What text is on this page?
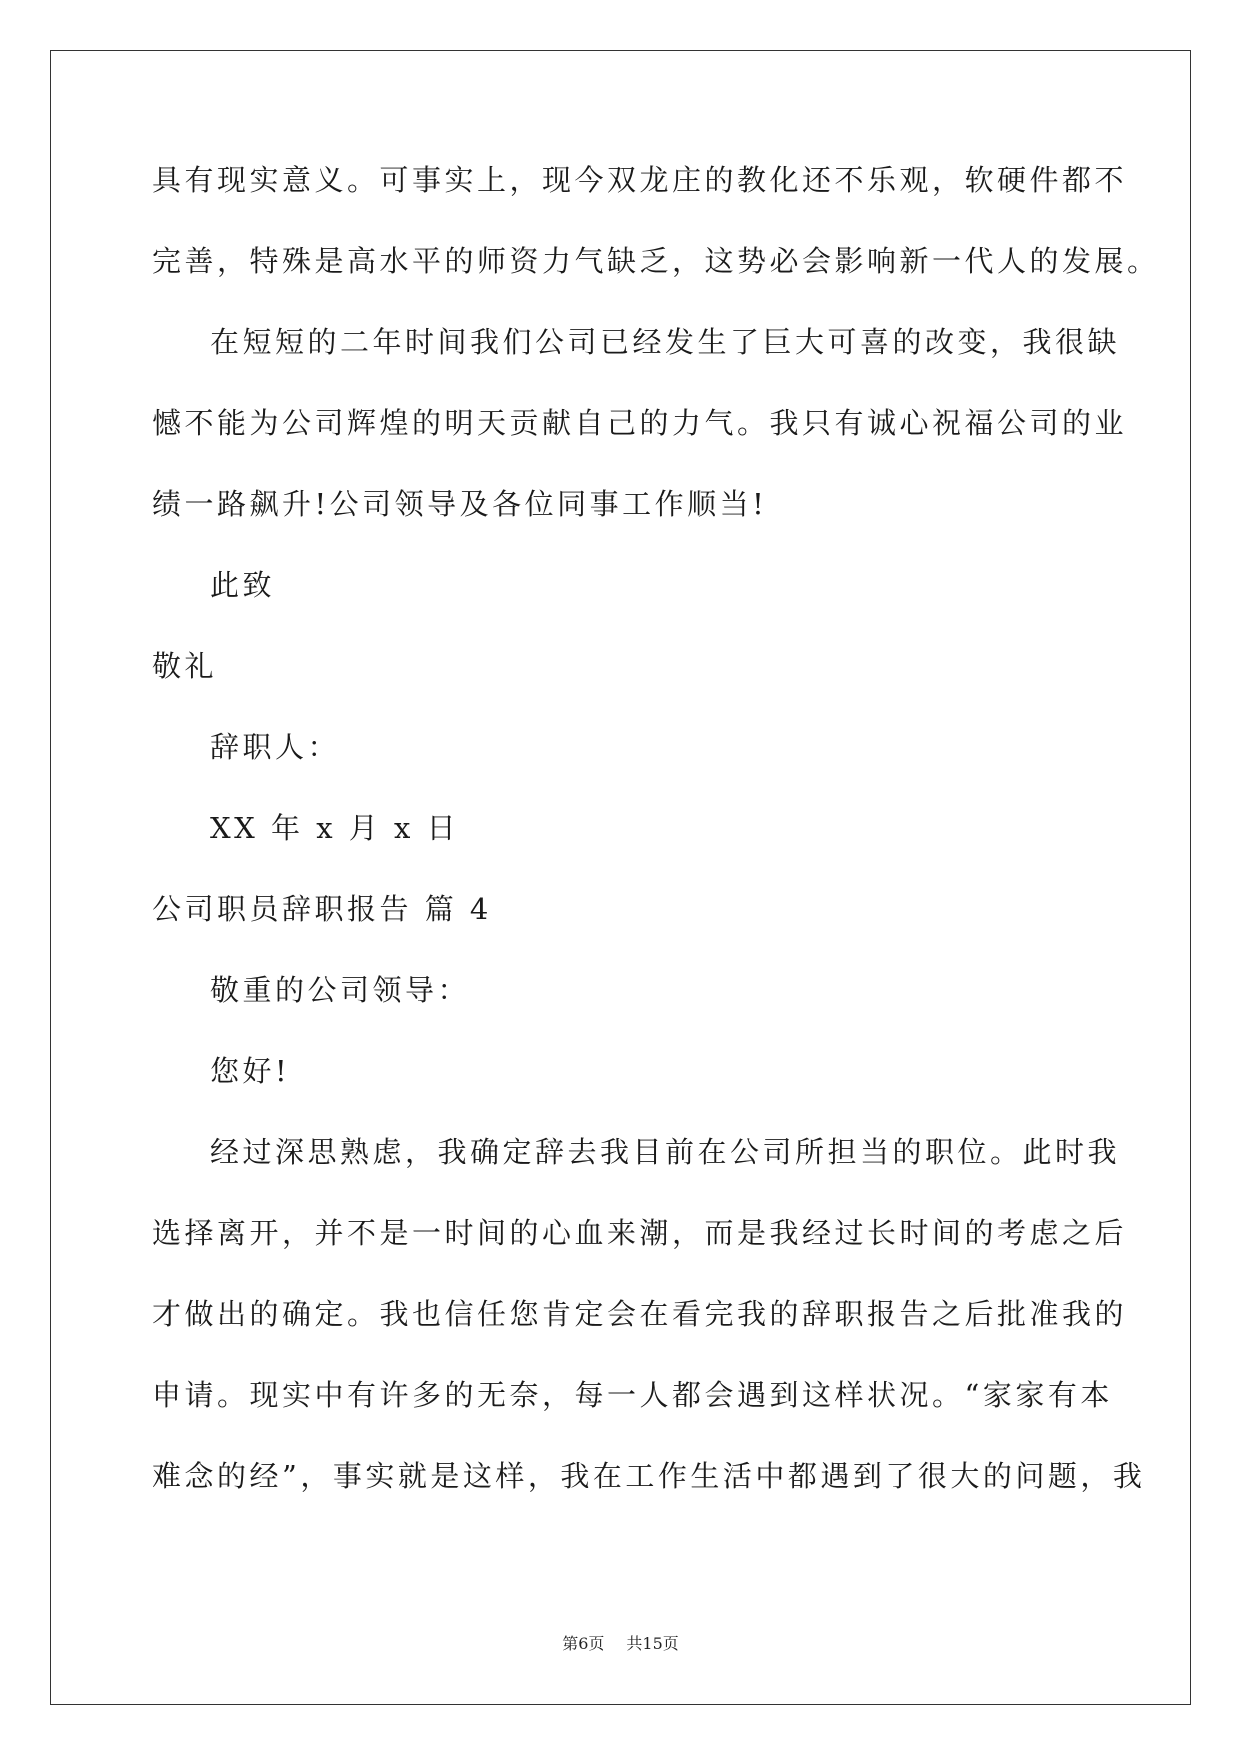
具有现实意义。可事实上，现今双龙庄的教化还不乐观，软硬件都不
完善，特殊是高水平的师资力气缺乏，这势必会影响新一代人的发展。
在短短的二年时间我们公司已经发生了巨大可喜的改变，我很缺
憾不能为公司辉煌的明天贡献自己的力气。我只有诚心祝福公司的业
绩一路飙升!公司领导及各位同事工作顺当!
此致
敬礼
辞职人：
XX 年 x 月 x 日
公司职员辞职报告 篇 4
敬重的公司领导：
您好!
经过深思熟虑，我确定辞去我目前在公司所担当的职位。此时我
选择离开，并不是一时间的心血来潮，而是我经过长时间的考虑之后
才做出的确定。我也信任您肯定会在看完我的辞职报告之后批准我的
申请。现实中有许多的无奈，每一人都会遇到这样状况。“家家有本
难念的经”，事实就是这样，我在工作生活中都遇到了很大的问题，我
第6页 共15页
